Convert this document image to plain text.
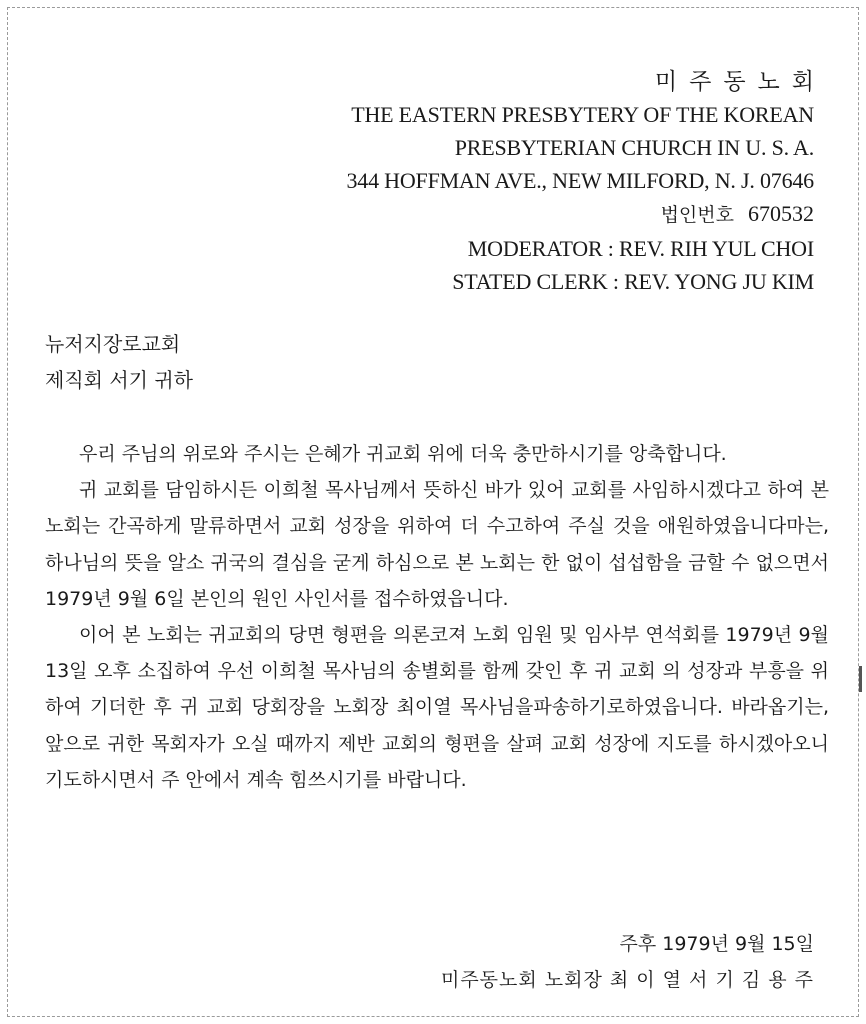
미주동노회
THE EASTERN PRESBYTERY OF THE KOREAN
PRESBYTERIAN CHURCH IN U. S. A.
344 HOFFMAN AVE., NEW MILFORD, N. J. 07646
법인번호 670532
MODERATOR : REV. RIH YUL CHOI
STATED CLERK : REV. YONG JU KIM
뉴저지장로교회
제직회 서기 귀하

우리 주님의 위로와 주시는 은혜가 귀교회 위에 더욱 충만하시기를 앙축합니다.

귀 교회를 담임하시든 이희철 목사님께서 뜻하신 바가 있어 교회를 사임하시겠다고 하여 본 노회는 간곡하게 말류하면서 교회 성장을 위하여 더 수고하여 주실 것을 애원하였읍니다마는, 하나님의 뜻을 알소 귀국의 결심을 굳게 하심으로 본 노회는 한 없이 섭섭함을 금할 수 없으면서 1979년 9월 6일 본인의 원인 사인서를 접수하였읍니다.

이어 본 노회는 귀교회의 당면 형편을 의론코져 노회 임원 및 임사부 연석회를 1979년 9월 13일 오후 소집하여 우선 이희철 목사님의 송별회를 함께 갖인 후 귀 교회 의 성장과 부흥을 위하여 기더한 후 귀 교회 당회장을 노회장 최이열 목사님을파송하기로하였읍니다. 바라옵기는, 앞으로 귀한 목회자가 오실 때까지 제반 교회의 형편을 살펴 교회 성장에 지도를 하시겠아오니 기도하시면서 주 안에서 계속 힘쓰시기를 바랍니다.

주후 1979년 9월 15일
미주동노회 노회장 최 이 열 서 기 김 용 주
